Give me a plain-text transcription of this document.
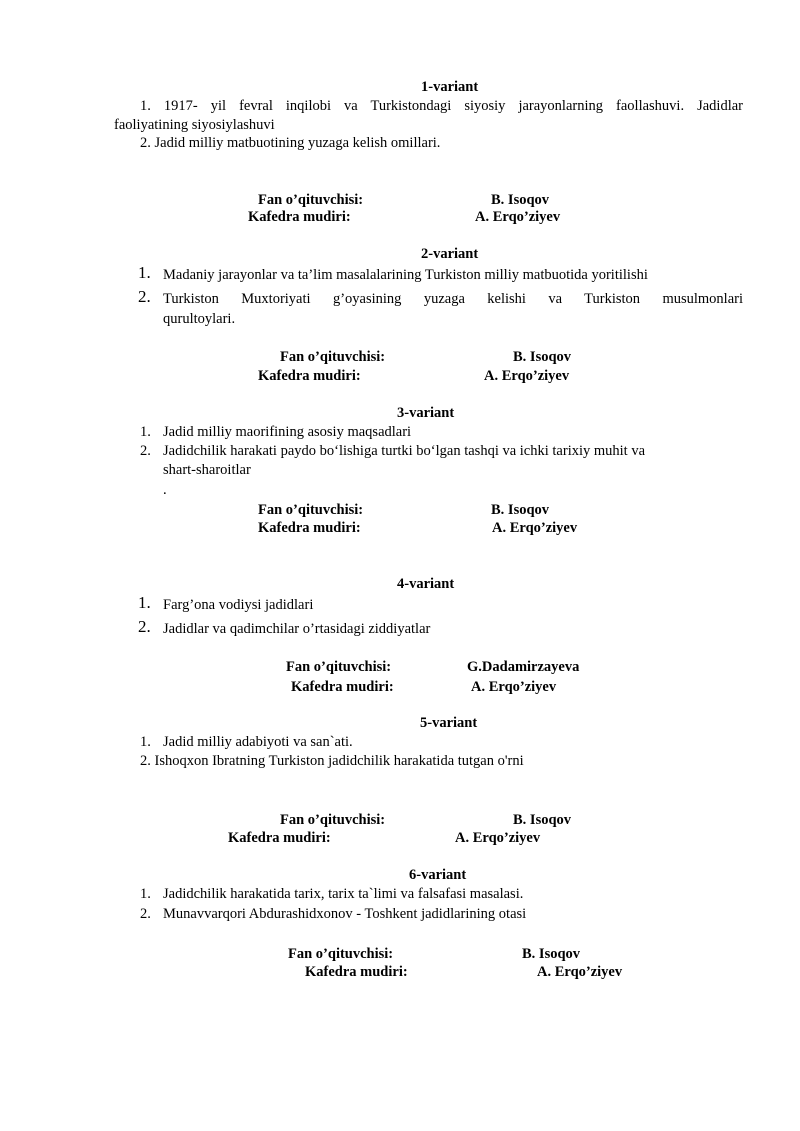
1-variant
1. 1917- yil fevral inqilobi va Turkistondagi siyosiy jarayonlarning faollashuvi. Jadidlar
faoliyatining siyosiylashuvi
2. Jadid milliy matbuotining yuzaga kelish omillari.
Fan o’qituvchisi:	B. Isoqov
Kafedra mudiri:	A. Erqo’ziyev
2-variant
1. Madaniy jarayonlar va ta’lim masalalarining Turkiston milliy matbuotida yoritilishi
2. Turkiston Muxtoriyati g’oyasining yuzaga kelishi va Turkiston musulmonlari
qurultoylari.
Fan o’qituvchisi:	B. Isoqov
Kafedra mudiri:	A. Erqo’ziyev
3-variant
1. Jadid milliy maorifining asosiy maqsadlari
2. Jadidchilik harakati paydo bo‘lishiga turtki bo‘lgan tashqi va ichki tarixiy muhit va
shart-sharoitlar
.
Fan o’qituvchisi:	B. Isoqov
Kafedra mudiri:	A. Erqo’ziyev
4-variant
1. Farg’ona vodiysi jadidlari
2. Jadidlar va qadimchilar o’rtasidagi ziddiyatlar
Fan o’qituvchisi:	G.Dadamirzayeva
Kafedra mudiri:	A. Erqo’ziyev
5-variant
1. Jadid milliy adabiyoti va san`ati.
2. Ishoqxon Ibratning Turkiston jadidchilik harakatida tutgan o'rni
Fan o’qituvchisi:	B. Isoqov
Kafedra mudiri:	A. Erqo’ziyev
6-variant
1. Jadidchilik harakatida tarix, tarix ta`limi va falsafasi masalasi.
2. Munavvarqori Abdurashidxonov - Toshkent jadidlarining otasi
Fan o’qituvchisi:	B. Isoqov
Kafedra mudiri:	A. Erqo’ziyev
